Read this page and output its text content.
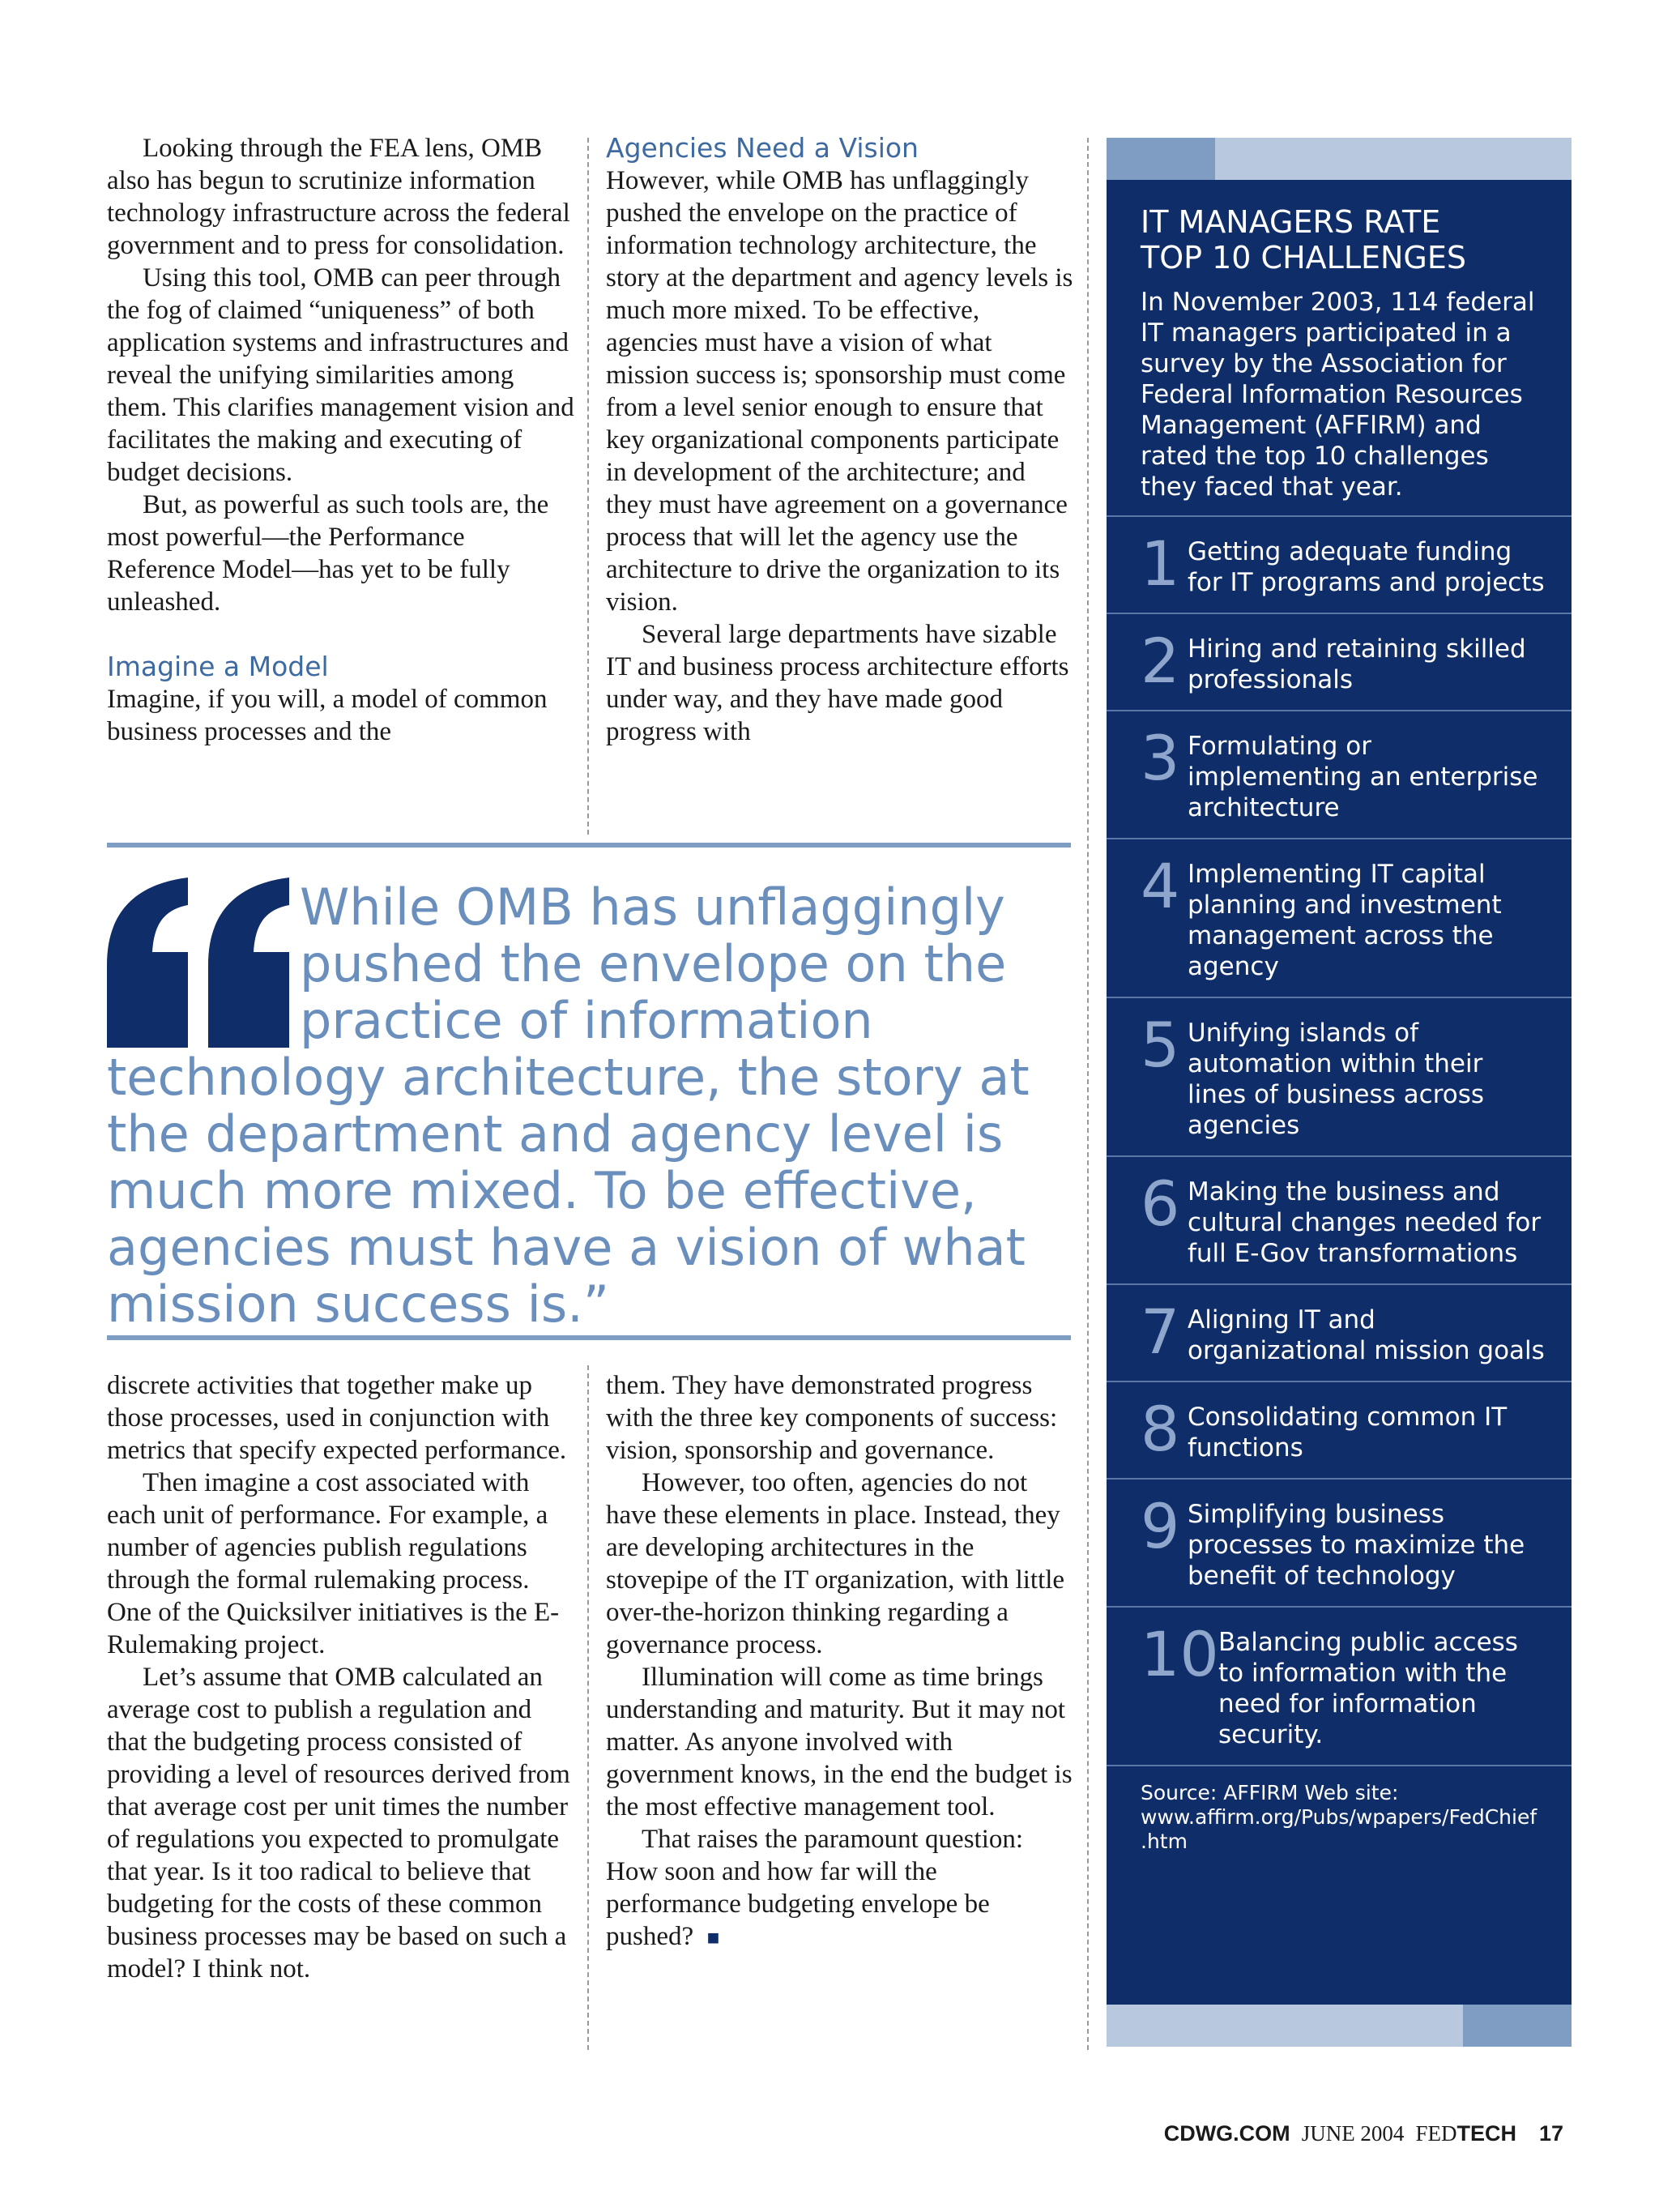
Looking through the FEA lens, OMB also has begun to scrutinize information technology infrastructure across the federal government and to press for consolidation.

Using this tool, OMB can peer through the fog of claimed “uniqueness” of both application systems and infrastructures and reveal the unifying similarities among them. This clarifies management vision and facilitates the making and executing of budget decisions.

But, as powerful as such tools are, the most powerful—the Performance Reference Model—has yet to be fully unleashed.

Imagine a Model

Imagine, if you will, a model of common business processes and the

Agencies Need a Vision

However, while OMB has unflaggingly pushed the envelope on the practice of information technology architecture, the story at the department and agency levels is much more mixed. To be effective, agencies must have a vision of what mission success is; sponsorship must come from a level senior enough to ensure that key organizational components participate in development of the architecture; and they must have agreement on a governance process that will let the agency use the architecture to drive the organization to its vision.

Several large departments have sizable IT and business process architecture efforts under way, and they have made good progress with

While OMB has unflaggingly pushed the envelope on the practice of information technology architecture, the story at the department and agency level is much more mixed. To be effective, agencies must have a vision of what mission success is.”

discrete activities that together make up those processes, used in conjunction with metrics that specify expected performance.

Then imagine a cost associated with each unit of performance. For example, a number of agencies publish regulations through the formal rulemaking process. One of the Quicksilver initiatives is the E-Rulemaking project.

Let’s assume that OMB calculated an average cost to publish a regulation and that the budgeting process consisted of providing a level of resources derived from that average cost per unit times the number of regulations you expected to promulgate that year. Is it too radical to believe that budgeting for the costs of these common business processes may be based on such a model? I think not.

them. They have demonstrated progress with the three key components of success: vision, sponsorship and governance.

However, too often, agencies do not have these elements in place. Instead, they are developing architectures in the stovepipe of the IT organization, with little over-the-horizon thinking regarding a governance process.

Illumination will come as time brings understanding and maturity. But it may not matter. As anyone involved with government knows, in the end the budget is the most effective management tool.

That raises the paramount question: How soon and how far will the performance budgeting envelope be pushed? ■

IT MANAGERS RATE
TOP 10 CHALLENGES

In November 2003, 114 federal IT managers participated in a survey by the Association for Federal Information Resources Management (AFFIRM) and rated the top 10 challenges they faced that year.

1 Getting adequate funding for IT programs and projects
2 Hiring and retaining skilled professionals
3 Formulating or implementing an enterprise architecture
4 Implementing IT capital planning and investment management across the agency
5 Unifying islands of automation within their lines of business across agencies
6 Making the business and cultural changes needed for full E-Gov transformations
7 Aligning IT and organizational mission goals
8 Consolidating common IT functions
9 Simplifying business processes to maximize the benefit of technology
10 Balancing public access to information with the need for information security.
Source: AFFIRM Web site:
www.affirm.org/Pubs/wpapers/FedChief
.htm
CDWG.COM JUNE 2004 FEDTECH 17
